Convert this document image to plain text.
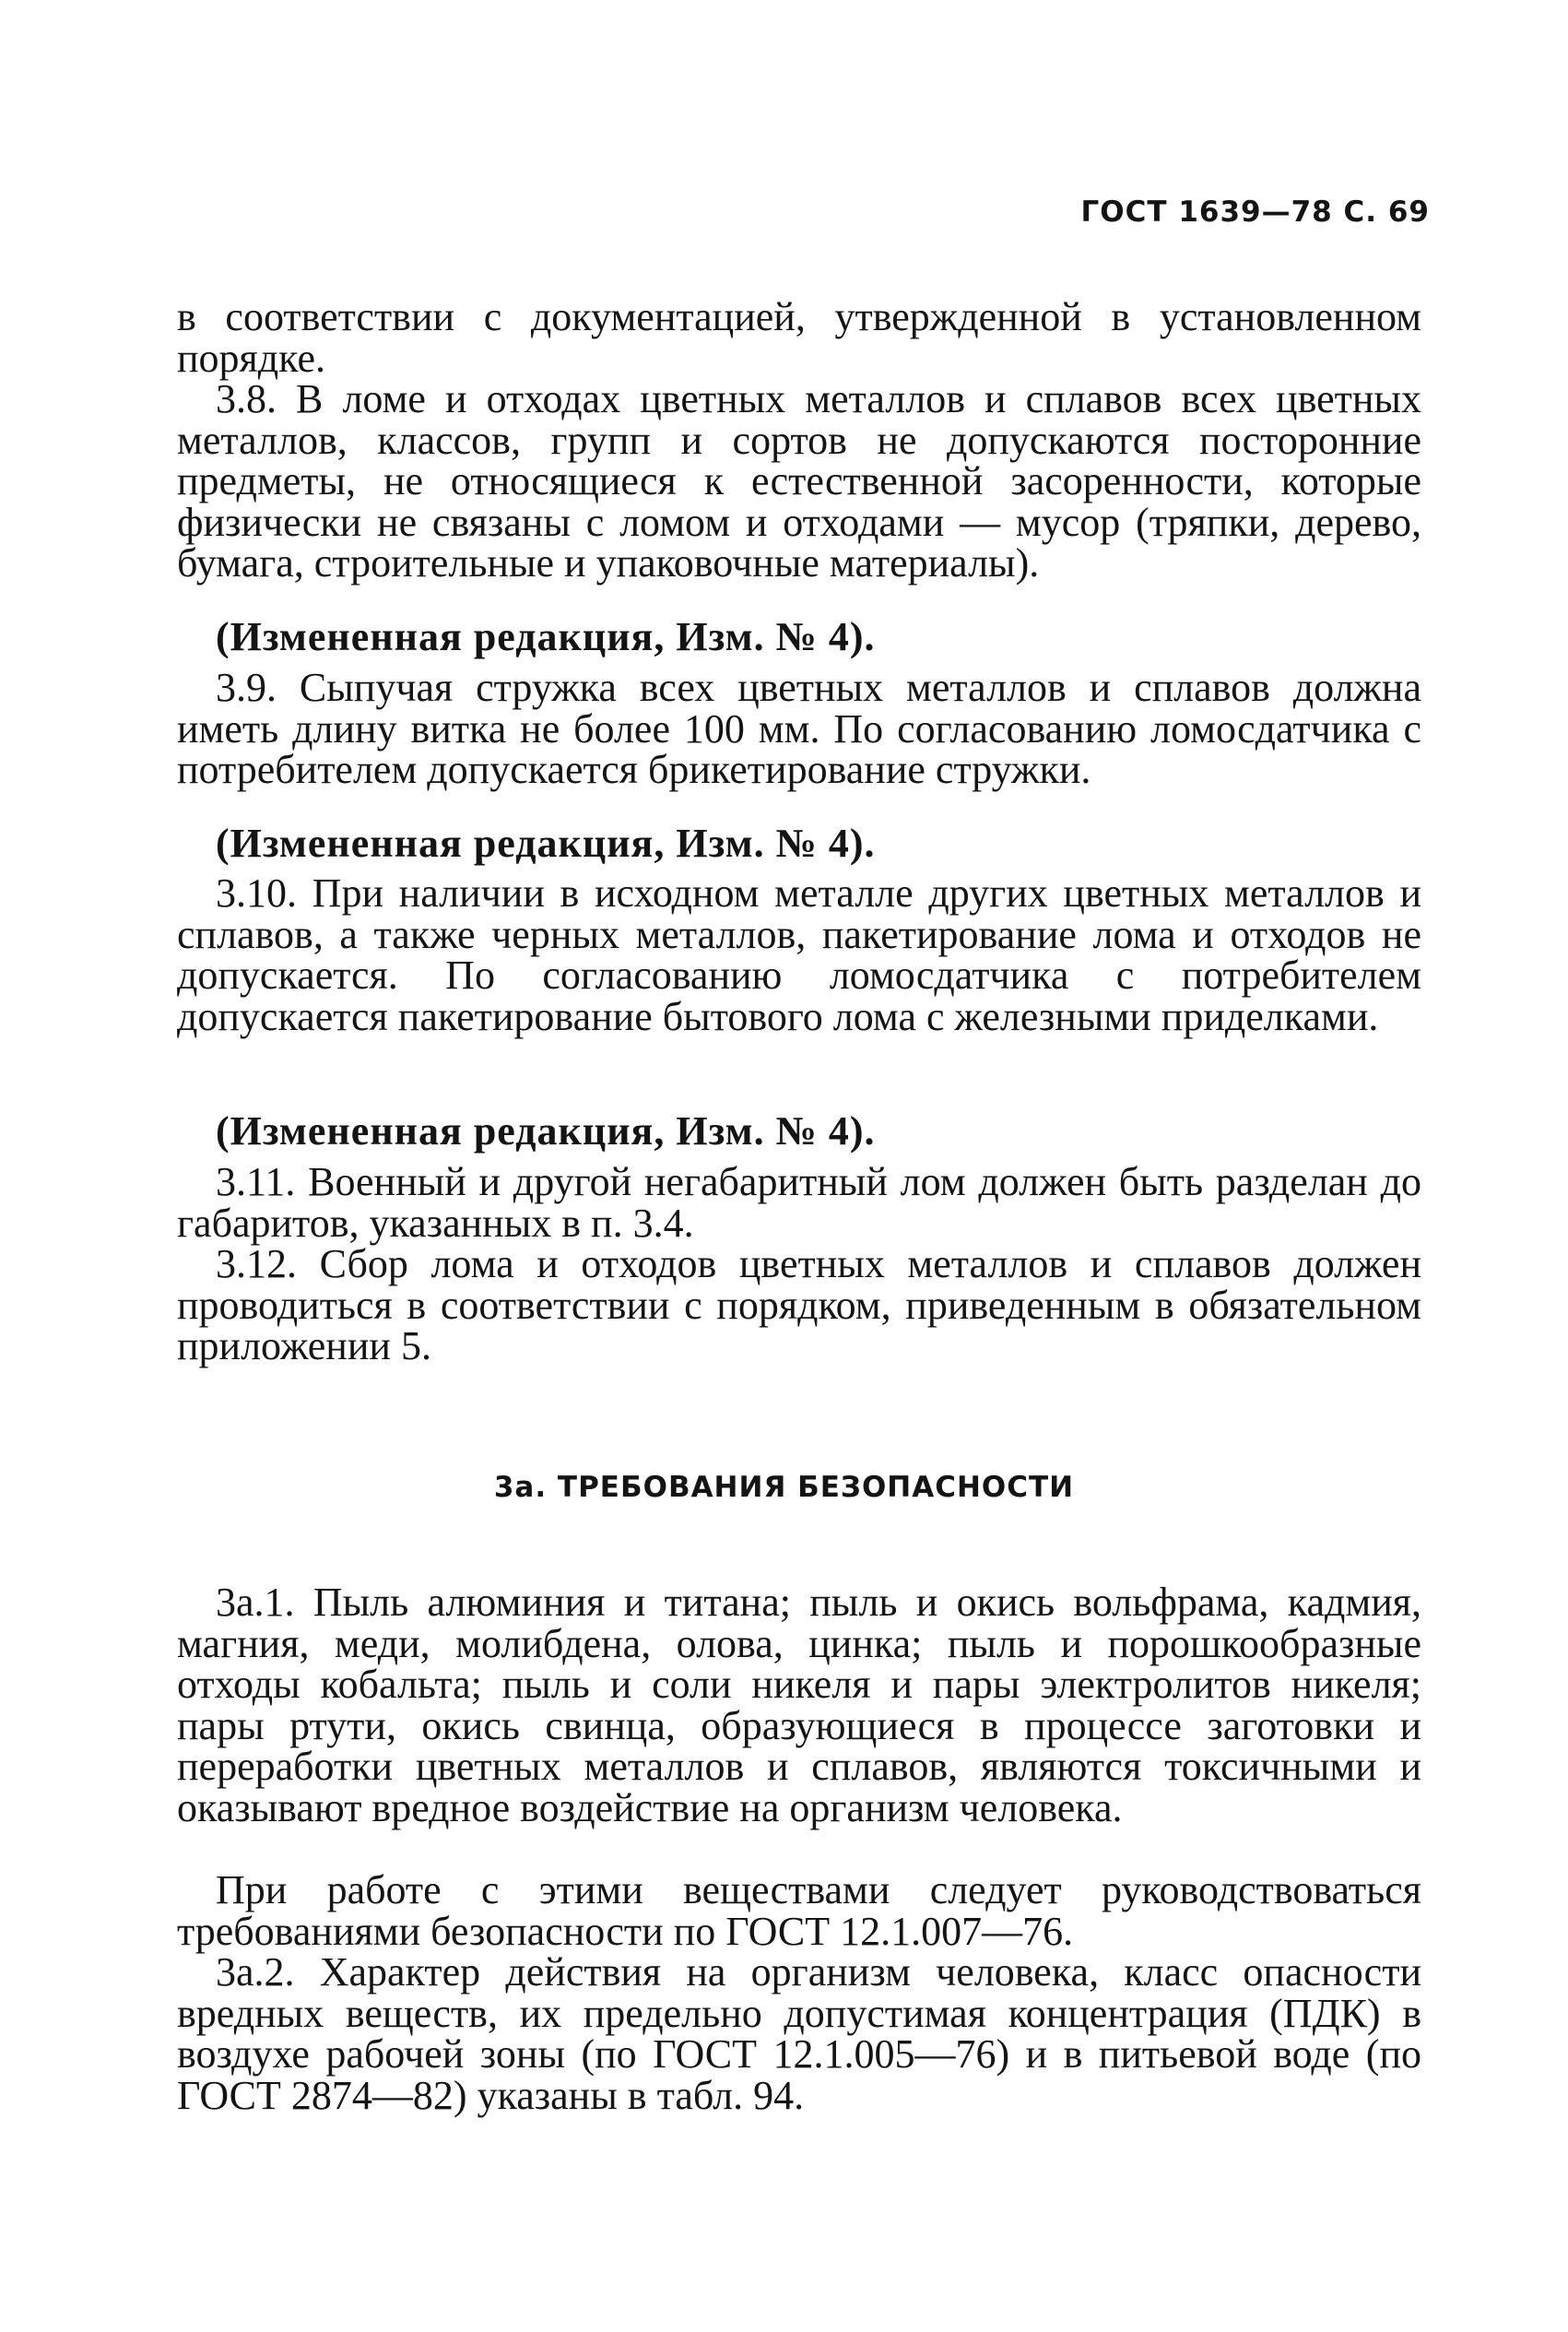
ГОСТ 1639—78 С. 69

в соответствии с документацией, утвержденной в установленном порядке.

3.8. В ломе и отходах цветных металлов и сплавов всех цветных металлов, классов, групп и сортов не допускаются посторонние предметы, не относящиеся к естественной засоренности, которые физически не связаны с ломом и отходами — мусор (тряпки, дерево, бумага, строительные и упаковочные материалы).

(Измененная редакция, Изм. № 4).

3.9. Сыпучая стружка всех цветных металлов и сплавов должна иметь длину витка не более 100 мм. По согласованию ломосдатчика с потребителем допускается брикетирование стружки.

(Измененная редакция, Изм. № 4).

3.10. При наличии в исходном металле других цветных металлов и сплавов, а также черных металлов, пакетирование лома и отходов не допускается. По согласованию ломосдатчика с потребителем допускается пакетирование бытового лома с железными приделками.

(Измененная редакция, Изм. № 4).

3.11. Военный и другой негабаритный лом должен быть разделан до габаритов, указанных в п. 3.4.

3.12. Сбор лома и отходов цветных металлов и сплавов должен проводиться в соответствии с порядком, приведенным в обязательном приложении 5.

3а. ТРЕБОВАНИЯ БЕЗОПАСНОСТИ

3а.1. Пыль алюминия и титана; пыль и окись вольфрама, кадмия, магния, меди, молибдена, олова, цинка; пыль и порошкообразные отходы кобальта; пыль и соли никеля и пары электролитов никеля; пары ртути, окись свинца, образующиеся в процессе заготовки и переработки цветных металлов и сплавов, являются токсичными и оказывают вредное воздействие на организм человека.

При работе с этими веществами следует руководствоваться требованиями безопасности по ГОСТ 12.1.007—76.

3а.2. Характер действия на организм человека, класс опасности вредных веществ, их предельно допустимая концентрация (ПДК) в воздухе рабочей зоны (по ГОСТ 12.1.005—76) и в питьевой воде (по ГОСТ 2874—82) указаны в табл. 94.
